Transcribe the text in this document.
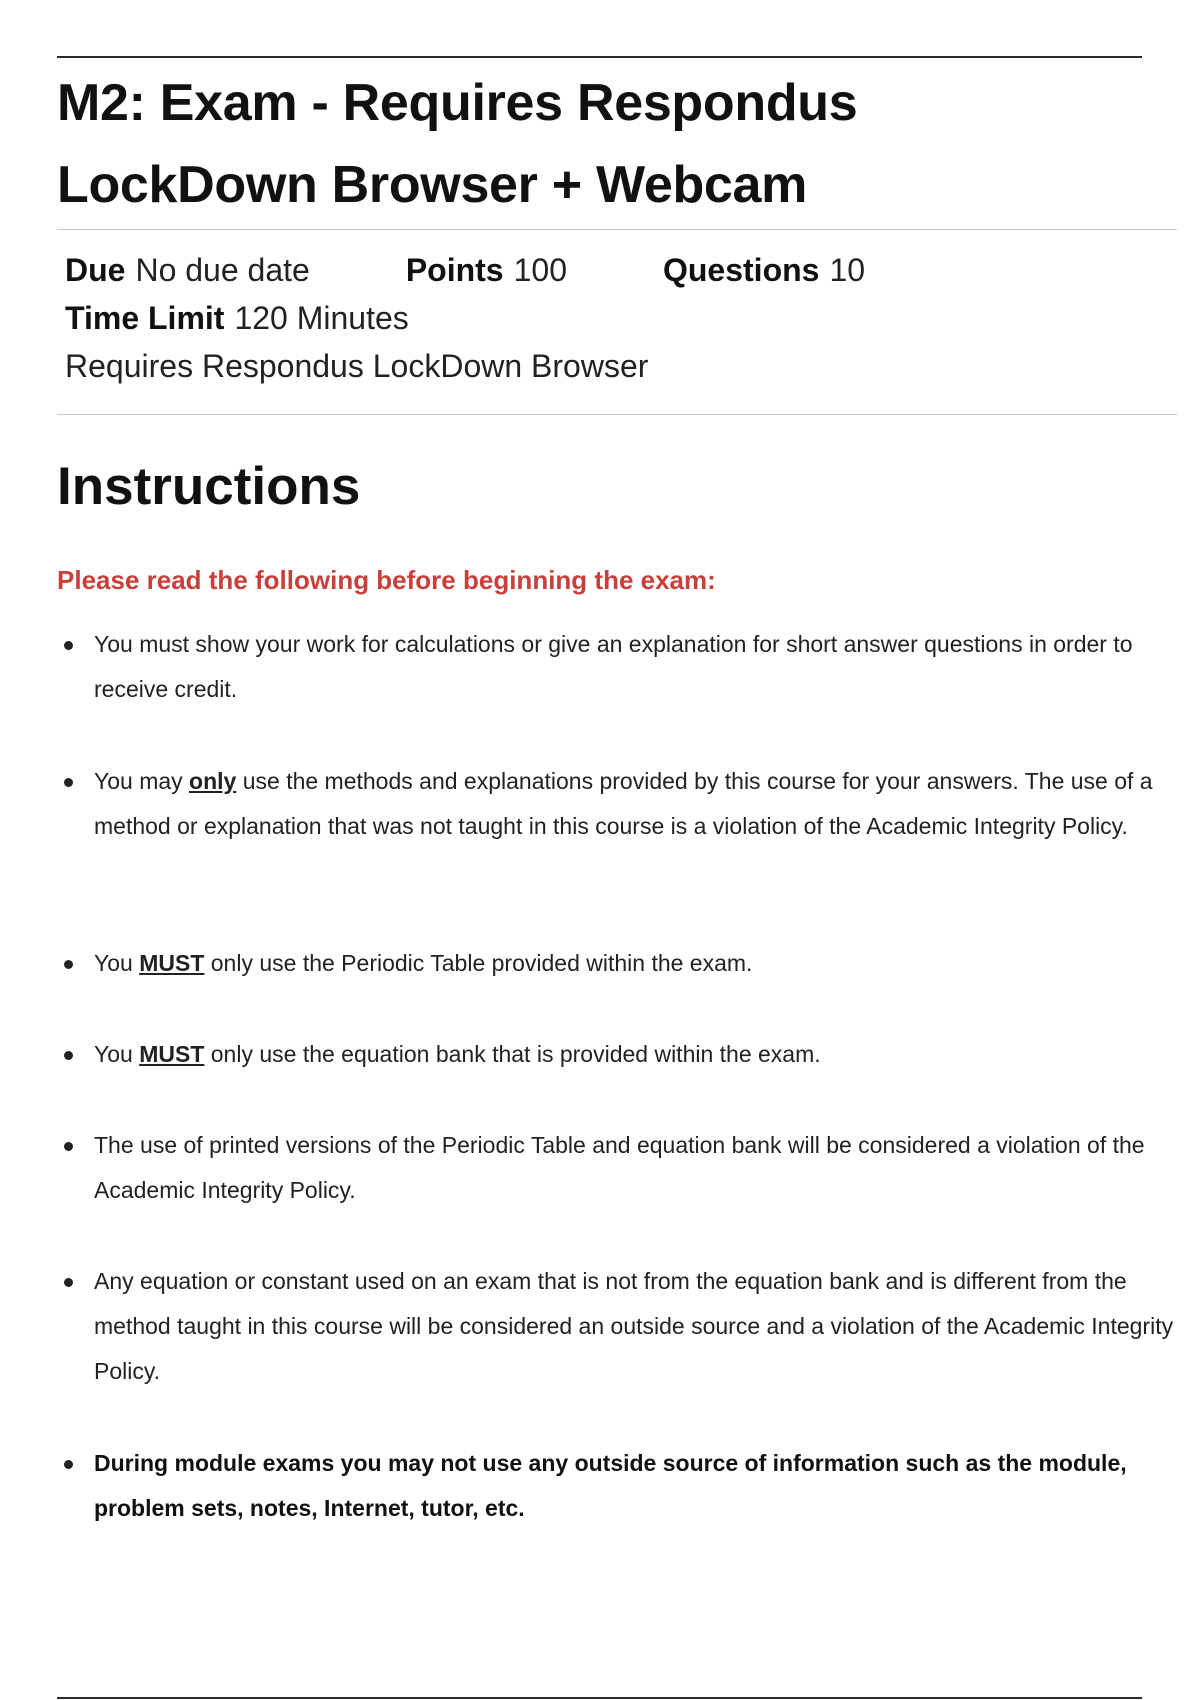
M2: Exam - Requires Respondus LockDown Browser + Webcam
Due No due date	Points 100	Questions 10
Time Limit 120 Minutes
Requires Respondus LockDown Browser
Instructions

Please read the following before beginning the exam:

You must show your work for calculations or give an explanation for short answer questions in order to receive credit.
You may only use the methods and explanations provided by this course for your answers. The use of a method or explanation that was not taught in this course is a violation of the Academic Integrity Policy.
You MUST only use the Periodic Table provided within the exam.
You MUST only use the equation bank that is provided within the exam.
The use of printed versions of the Periodic Table and equation bank will be considered a violation of the Academic Integrity Policy.
Any equation or constant used on an exam that is not from the equation bank and is different from the method taught in this course will be considered an outside source and a violation of the Academic Integrity Policy.
During module exams you may not use any outside source of information such as the module, problem sets, notes, Internet, tutor, etc.
